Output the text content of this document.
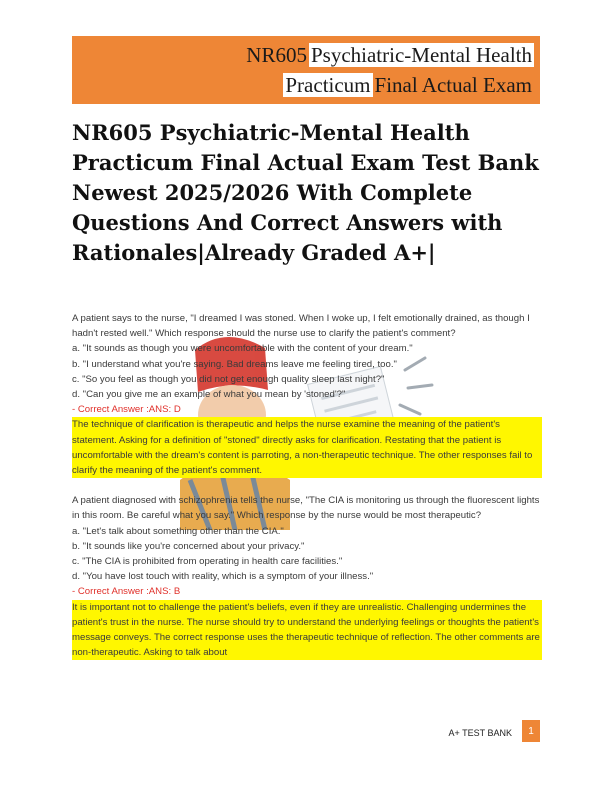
NR605 Psychiatric-Mental Health
Practicum Final Actual Exam
NR605 Psychiatric-Mental Health Practicum Final Actual Exam Test Bank Newest 2025/2026 With Complete Questions And Correct Answers with Rationales|Already Graded A+|

A patient says to the nurse, "I dreamed I was stoned. When I woke up, I felt emotionally drained, as though I hadn't rested well." Which response should the nurse use to clarify the patient's comment?

a. "It sounds as though you were uncomfortable with the content of your dream."

b. "I understand what you're saying. Bad dreams leave me feeling tired, too."

c. "So you feel as though you did not get enough quality sleep last night?"

d. "Can you give me an example of what you mean by 'stoned'?"

- Correct Answer :ANS: D

The technique of clarification is therapeutic and helps the nurse examine the meaning of the patient's statement. Asking for a definition of "stoned" directly asks for clarification. Restating that the patient is uncomfortable with the dream's content is parroting, a non-therapeutic technique. The other responses fail to clarify the meaning of the patient's comment.

A patient diagnosed with schizophrenia tells the nurse, "The CIA is monitoring us through the fluorescent lights in this room. Be careful what you say." Which response by the nurse would be most therapeutic?

a. "Let's talk about something other than the CIA."

b. "It sounds like you're concerned about your privacy."

c. "The CIA is prohibited from operating in health care facilities."

d. "You have lost touch with reality, which is a symptom of your illness."

- Correct Answer :ANS: B

It is important not to challenge the patient's beliefs, even if they are unrealistic. Challenging undermines the patient's trust in the nurse. The nurse should try to understand the underlying feelings or thoughts the patient's message conveys. The correct response uses the therapeutic technique of reflection. The other comments are non-therapeutic. Asking to talk about

A+ TEST BANK	1
